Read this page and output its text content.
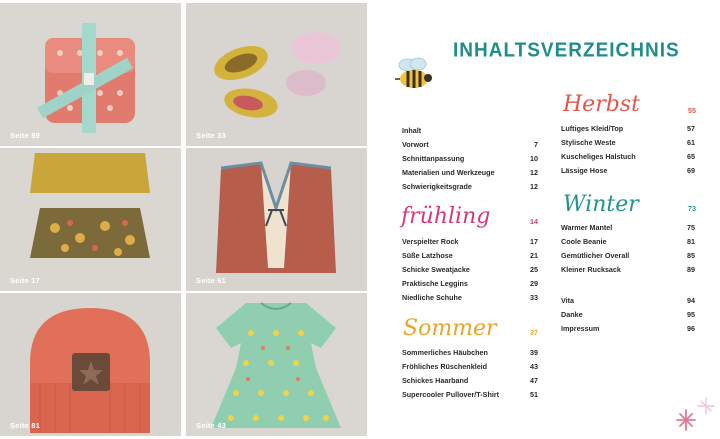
Seite 89	Seite 33
Seite 17	Seite 61
Seite 81	Seite 43
INHALTSVERZEICHNIS
Inhalt
Vorwort	7
Schnittanpassung	10
Materialien und Werkzeuge	12
Schwierigkeitsgrade	12
frühling	14
Verspielter Rock	17
Süße Latzhose	21
Schicke Sweatjacke	25
Praktische Leggins	29
Niedliche Schuhe	33
Sommer	37
Sommerliches Häubchen	39
Fröhliches Rüschenkleid	43
Schickes Haarband	47
Supercooler Pullover/T-Shirt	51
Herbst	55
Luftiges Kleid/Top	57
Stylische Weste	61
Kuscheliges Halstuch	65
Lässige Hose	69
Winter	73
Warmer Mantel	75
Coole Beanie	81
Gemütlicher Overall	85
Kleiner Rucksack	89
Vita	94
Danke	95
Impressum	96
